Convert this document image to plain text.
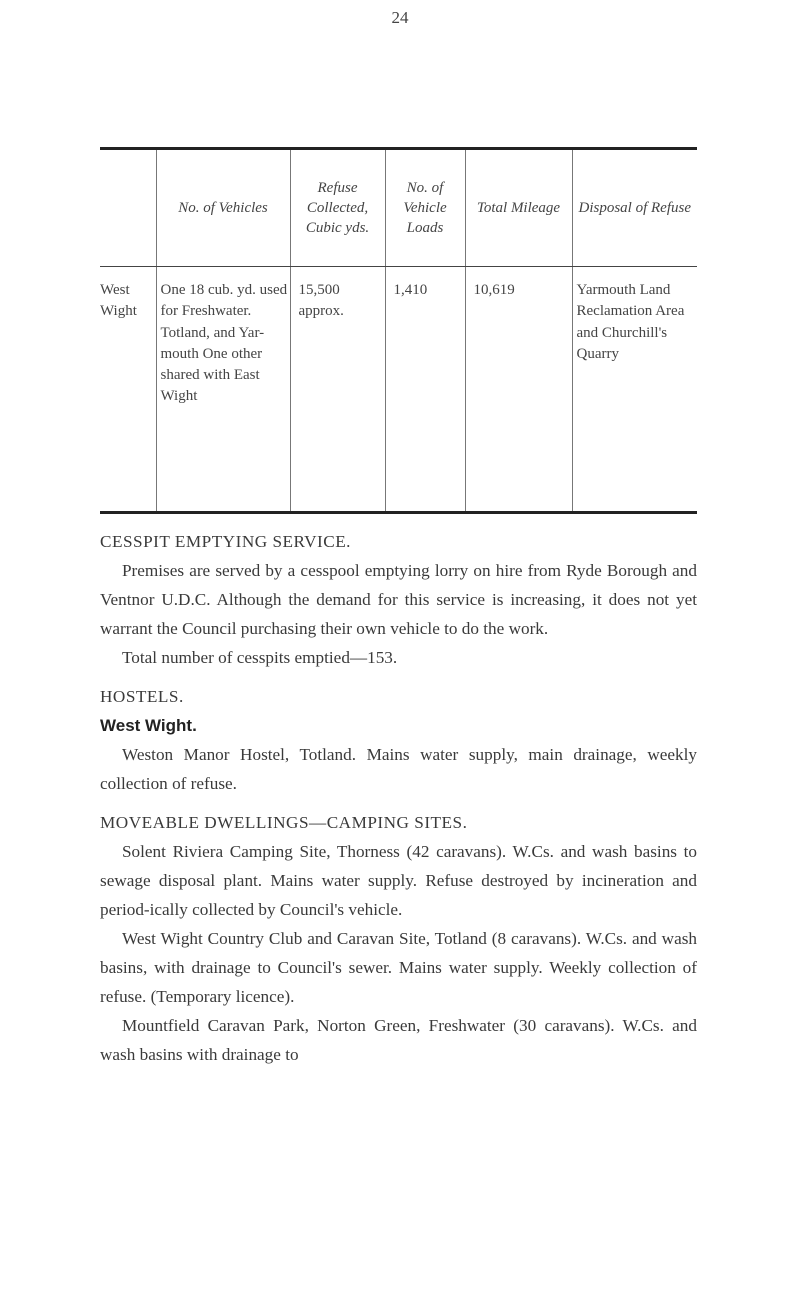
24
	No. of Vehicles	Refuse Collected, Cubic yds.	No. of Vehicle Loads	Total Mileage	Disposal of Refuse
West Wight	One 18 cub. yd. used for Freshwater. Totland, and Yar-mouth One other shared with East Wight	15,500 approx.	1,410	10,619	Yarmouth Land Reclamation Area and Churchill's Quarry

CESSPIT EMPTYING SERVICE.

Premises are served by a cesspool emptying lorry on hire from Ryde Borough and Ventnor U.D.C. Although the demand for this service is increasing, it does not yet warrant the Council purchasing their own vehicle to do the work.

Total number of cesspits emptied—153.

HOSTELS.

West Wight.

Weston Manor Hostel, Totland. Mains water supply, main drainage, weekly collection of refuse.

MOVEABLE DWELLINGS—CAMPING SITES.

Solent Riviera Camping Site, Thorness (42 caravans). W.Cs. and wash basins to sewage disposal plant. Mains water supply. Refuse destroyed by incineration and period-ically collected by Council's vehicle.

West Wight Country Club and Caravan Site, Totland (8 caravans). W.Cs. and wash basins, with drainage to Council's sewer. Mains water supply. Weekly collection of refuse. (Temporary licence).

Mountfield Caravan Park, Norton Green, Freshwater (30 caravans). W.Cs. and wash basins with drainage to
